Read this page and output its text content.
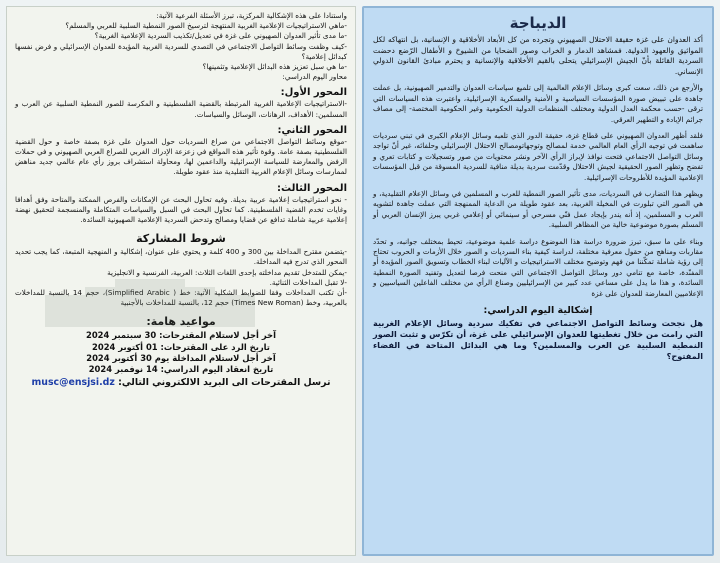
الديباجة

أكد العدوان على غزة حقيقة الاحتلال الصهيوني وتجرده من كل الأبعاد الأخلاقية و الإنسانية، بل انتهاكه لكل المواثيق والعهود الدولية. فمشاهد الدمار و الخراب وصور الضحايا من الشيوخ و الأطفال الرّضع دحضت السردية القائلة بأنّ الجيش الإسرائيلي يتحلى بالقيم الأخلاقية والإنسانية و يحترم مبادئ القانون الدولي الإنساني.

والأرجع من ذلك، سعت كبرى وسائل الإعلام العالمية إلى تلميع سياسات العدوان والتدمير الصهيونية، بل عملت جاهدة على تبييض صورة المؤسسات السياسية و الأمنية والعسكرية الإسرائيلية، واعتبرت هذه السياسات التي ترقى -حسب محكمة العدل الدولية ومختلف المنظمات الدولية الحكومية وغير الحكومية المختصة- إلى مصاف جرائم الإبادة و التطهير العرقي.

فلقد أظهر العدوان الصهيوني على قطاع غزة، حقيقة الدور الذي تلعبه وسائل الإعلام الكبرى في تبني سرديات ساهمت في توجيه الرأي العام العالمي خدمة لمصالح وتوجهاتومصالح الاحتلال الإسرائيلي وحلفائه، غير أنّ تواجد وسائل التواصل الاجتماعي فتحت نوافذ لإبراز الرأي الآخر ونشر محتويات من صور وتسجيلات و كتابات تعري و تفضح وتظهر الصور الحقيقية لجيش الاحتلال وقدّمت سردية بديلة منافية للسردية المسوقة من قبل المؤسسات الإعلامية المؤيدة للأطروحات الإسرائيلية.

ويظهر هذا التضارب في السرديات، مدى تأثير الصور النمطية للعرب و المسلمين في وسائل الإعلام التقليدية، و هي الصور التي تبلورت في المخيلة الغربية، بعد عقود طويلة من الدعاية الممنهجة التي عملت جاهدة لتشويه العرب و المسلمين، إذ أنه يندر بإيجاد عمل فنّي مسرحي أو سينمائي أو إعلامي غربي يبرز الإنسان العربي أو المسلم بصورة موضوعية خالية من المظاهر السلبية.

وبناء على ما سبق، تبرز ضرورة دراسة هذا الموضوع دراسة علمية موضوعية، تحيط بمختلف جوانبه، و تحدّد مقاربات ومناهج من حقول معرفية مختلفة، لدراسة كيفية بناء السرديات و الصور خلال الأزمات و الحروب تحتاج إلى رؤية شاملة تمكّننا من فهم وتوضيح مختلف الاستراتيجيات و الآليات لبناء الخطاب وتسويق الصور المؤيدة أو المفنّدة، خاصة مع تنامي دور وسائل التواصل الاجتماعي التي منحت فرصا لتعديل وتفنيد الصورة النمطية السائدة، و هذا ما يدل على مساعي عدد كبير من الإسرائيليين وصناع الرأي من مختلف الفاعلين السياسيين و الإعلاميين المعارضة للعدوان على غزة

إشكالية اليوم الدراسي:

هل نجحت وسائط التواصل الاجتماعي في تفكيك سردية وسائل الإعلام الغربية التي رامت من خلال تغطيتها للعدوان الإسرائيلي على غزة، أن تكرّس و تثبت الصور النمطية السلبية عن العرب والمسلمين؟ وما هي البدائل المتاحة في الفضاء المفتوح؟

واستنادا على هذه الإشكالية المركزية، تبرز الأسئلة الفرعية الآتية:

-ماهي الاستراتيجيات الإعلامية الغربية المنتهجة لترسيخ الصور النمطية السلبية للعربي والمسلم؟

-ما مدى تأثير العدوان الصهيوني على غزة في تعديل/تكذيب السردية الإعلامية الغربية؟

-كيف وظفت وسائط التواصل الاجتماعي في التصدي للسردية الغربية المؤيدة للعدوان الإسرائيلي و فرض نفسها كبدائل إعلامية؟

-ما هي سبل تعزيز هذه البدائل الإعلامية وتثمينها؟

محاور اليوم الدراسي:

المحور الأول:

-الاستراتيجيات الإعلامية الغربية المرتبطة بالقضية الفلسطينية و المكرسة للصور النمطية السلبية عن العرب و المسلمين: الأهداف، الرهانات، الوسائل والسياسات.

المحور الثاني:

-موقع وسائط التواصل الاجتماعي من صراع السرديات حول العدوان على غزة بصفة خاصة و حول القضية الفلسطينية بصفة عامة. وقوة تأثير هذه المواقع في زعزعة الإدراك الغربي للصراع العربي الصهيوني و في حملات الرفض والمعارضة للسياسة الإسرائيلية والداعمين لها، ومحاولة استشراف بروز رأي عام عالمي جديد مناهض لممارسات وسائل الإعلام الغربية التقليدية منذ عقود طويلة.

المحور الثالث:

- نحو استراتيجيات إعلامية عربية بديلة. وفيه تحاول البحث عن الإمكانات والفرص الممكنة والمتاحة وفق أهدافا وغايات تخدم القضية الفلسطينية. كما تحاول البحث في السبل والسياسات المتكاملة والمنسجمة لتحقيق نهضة إعلامية عربية شاملة تدافع عن قضايا ومصالح وتدحض السردية الإعلامية الصهيونية السائدة.

شروط المشاركة

-يتضمن مقترح المداخلة بين 300 و 400 كلمة و يحتوي على عنوان، إشكالية و المنهجية المتبعة، كما يجب تحديد المحور الذي تدرج فيه المداخلة.

-يمكن للمتدخل تقديم مداخلته بإحدى اللغات الثلاث: العربية، الفرنسية و الانجليزية

-لا تقبل المداخلات الثنائية.

-أن تكتب المداخلات وفقا للضوابط الشكلية الآتية: خط ( Simplified Arabic)، حجم 14 بالنسبة للمداخلات بالعربية، وخط (Times New Roman) حجم 12، بالنسبة للمداخلات بالأجنبية

مواعيد هامة:
آخر أجل لاستلام المقترحات: 30 سبتمبر 2024
تاريخ الرد على المقترحات: 01 أكتوبر 2024
آخر أجل لاستلام المداخلة يوم 30 أكتوبر 2024
تاريخ انعقاد اليوم الدراسي: 14 نوفمبر 2024
ترسل المقترحات الى البريد الالكتروني التالي: musc@ensjsi.dz
